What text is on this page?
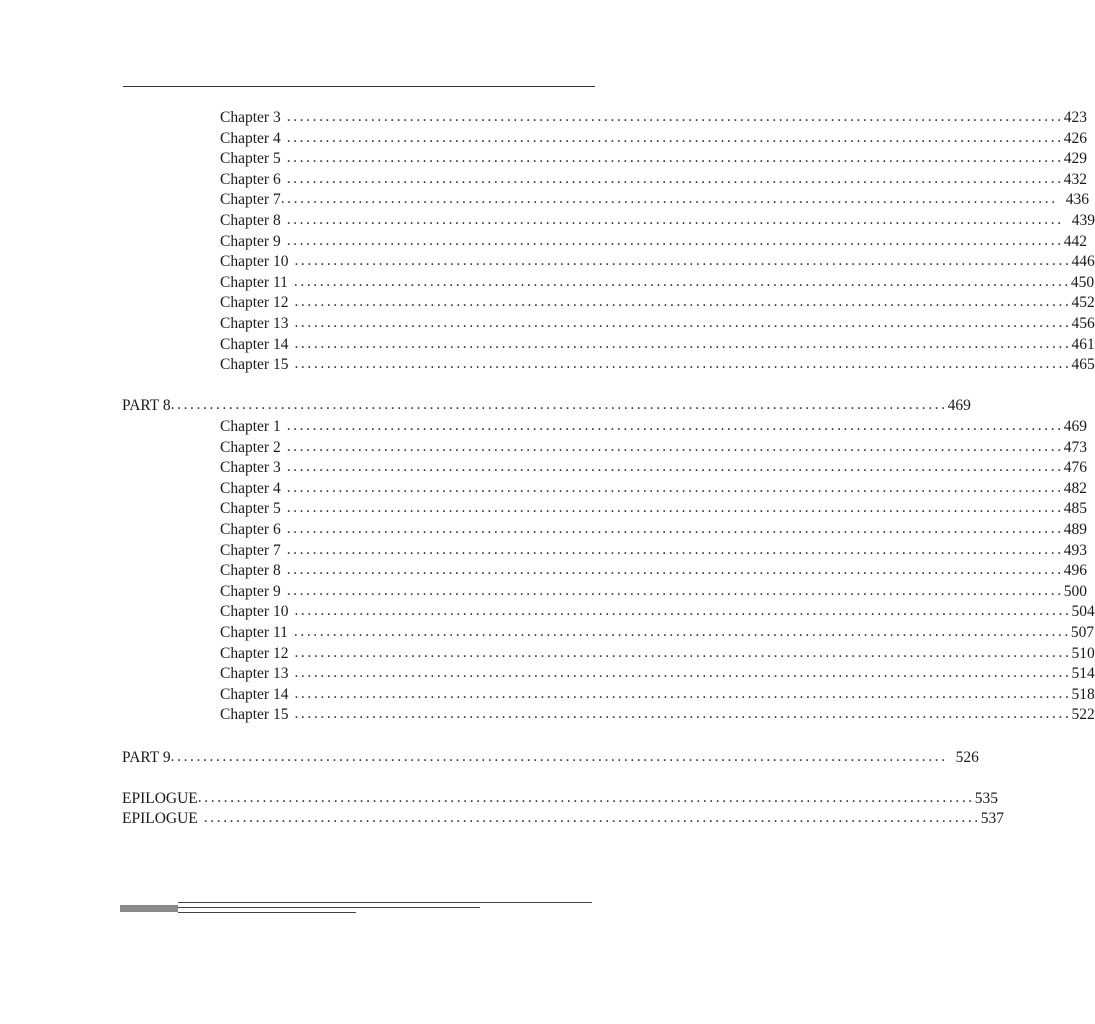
Chapter 3 ........................................................................................................................ 423
Chapter 4 ........................................................................................................................ 426
Chapter 5 ........................................................................................................................ 429
Chapter 6 ........................................................................................................................ 432
Chapter 7 ........................................................................................................................ 436
Chapter 8 ........................................................................................................................ 439
Chapter 9 ........................................................................................................................ 442
Chapter 10 ........................................................................................................................ 446
Chapter 11 ........................................................................................................................ 450
Chapter 12 ........................................................................................................................ 452
Chapter 13 ........................................................................................................................ 456
Chapter 14 ........................................................................................................................ 461
Chapter 15 ........................................................................................................................ 465
PART 8 ........................................................................................................................ 469
Chapter 1 ........................................................................................................................ 469
Chapter 2 ........................................................................................................................ 473
Chapter 3 ........................................................................................................................ 476
Chapter 4 ........................................................................................................................ 482
Chapter 5 ........................................................................................................................ 485
Chapter 6 ........................................................................................................................ 489
Chapter 7 ........................................................................................................................ 493
Chapter 8 ........................................................................................................................ 496
Chapter 9 ........................................................................................................................ 500
Chapter 10 ........................................................................................................................ 504
Chapter 11 ........................................................................................................................ 507
Chapter 12 ........................................................................................................................ 510
Chapter 13 ........................................................................................................................ 514
Chapter 14 ........................................................................................................................ 518
Chapter 15 ........................................................................................................................ 522
PART 9 ........................................................................................................................ 526
EPILOGUE ........................................................................................................................ 535
EPILOGUE ........................................................................................................................ 537
